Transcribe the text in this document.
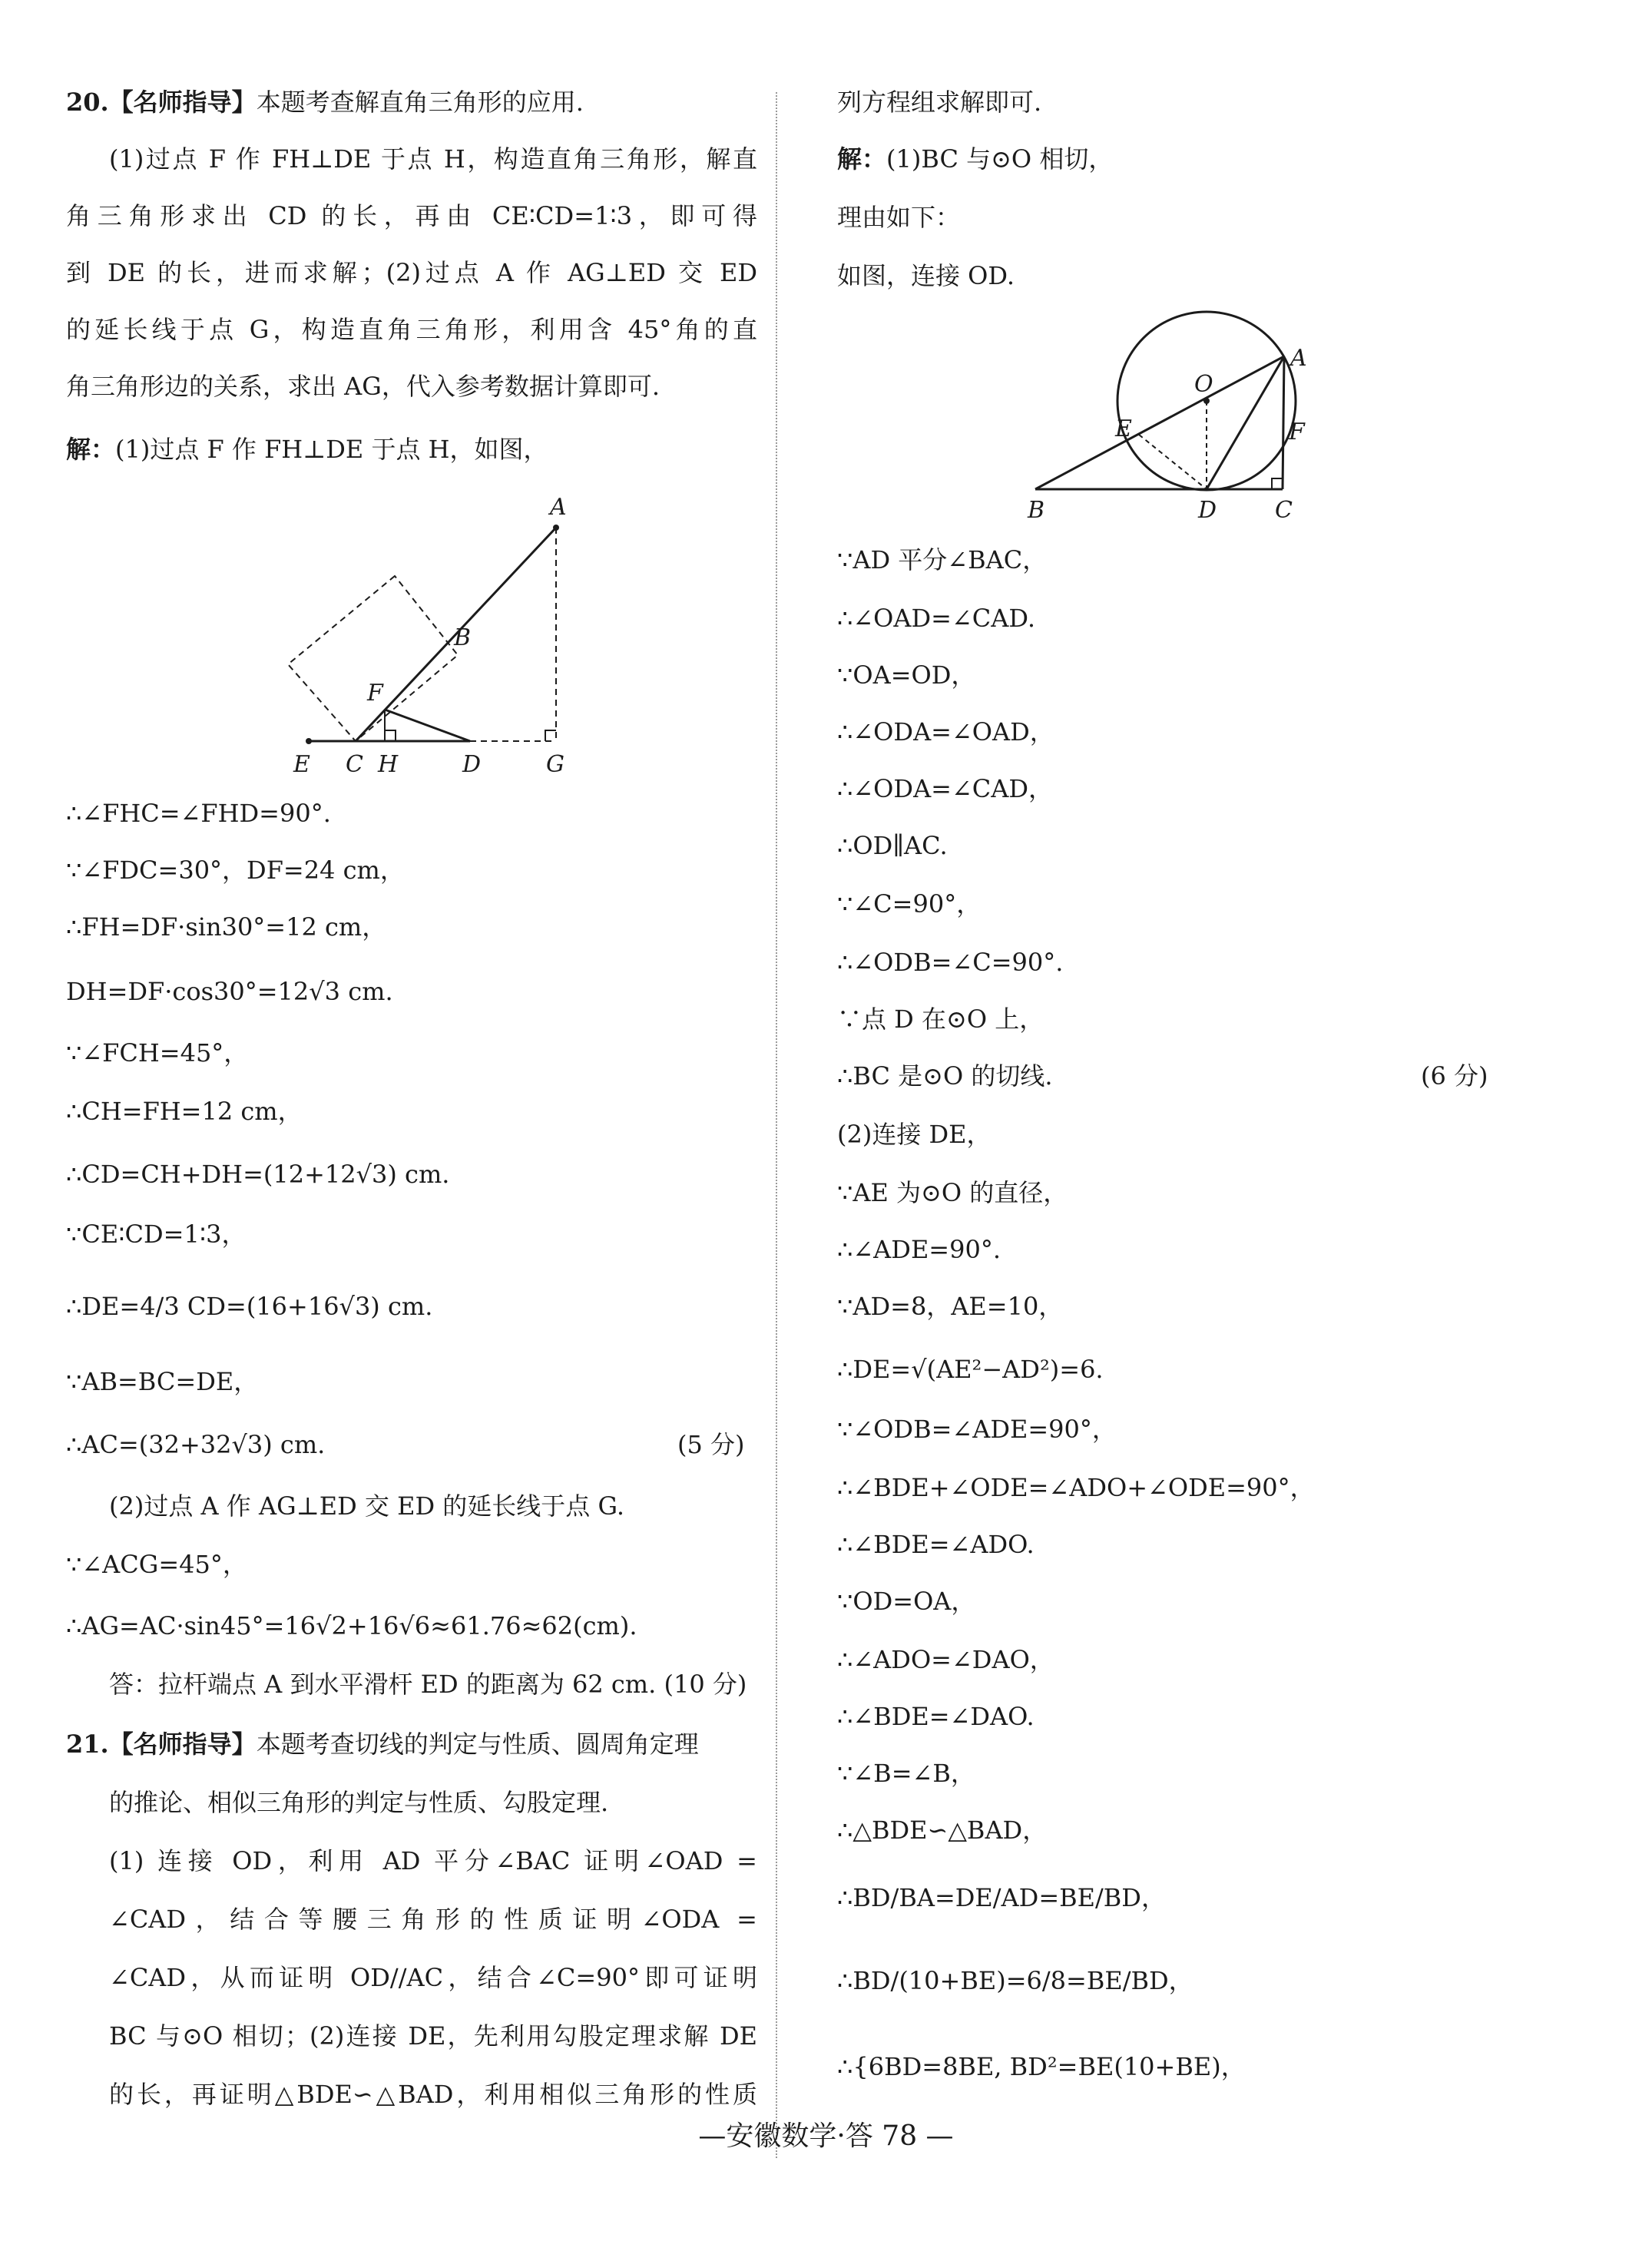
20.【名师指导】本题考查解直角三角形的应用.
(1)过点 F 作 FH⊥DE 于点 H，构造直角三角形，解直
角三角形求出 CD 的长，再由 CE∶CD=1∶3，即可得
到 DE 的长，进而求解；(2)过点 A 作 AG⊥ED 交 ED
的延长线于点 G，构造直角三角形，利用含 45°角的直
角三角形边的关系，求出 AG，代入参考数据计算即可.
解：(1)过点 F 作 FH⊥DE 于点 H，如图，
A
B
F
E C H	D	G
∴∠FHC=∠FHD=90°.
∵∠FDC=30°，DF=24 cm，
∴FH=DF·sin30°=12 cm，
DH=DF·cos30°=12√3 cm.
∵∠FCH=45°，
∴CH=FH=12 cm，
∴CD=CH+DH=(12+12√3) cm.
∵CE∶CD=1∶3，
∴DE=4/3 CD=(16+16√3) cm.
∵AB=BC=DE，
∴AC=(32+32√3) cm.	(5 分)
(2)过点 A 作 AG⊥ED 交 ED 的延长线于点 G.
∵∠ACG=45°，
∴AG=AC·sin45°=16√2+16√6≈61.76≈62(cm).
答：拉杆端点 A 到水平滑杆 ED 的距离为 62 cm. (10 分)
21.【名师指导】本题考查切线的判定与性质、圆周角定理
的推论、相似三角形的判定与性质、勾股定理.
(1) 连接 OD，利用 AD 平分∠BAC 证明∠OAD =
∠CAD，结合等腰三角形的性质证明∠ODA =
∠CAD，从而证明 OD//AC，结合∠C=90°即可证明
BC 与⊙O 相切；(2)连接 DE，先利用勾股定理求解 DE
的长，再证明△BDE∽△BAD，利用相似三角形的性质
列方程组求解即可.
解：(1)BC 与⊙O 相切，
理由如下：
如图，连接 OD.
O
A
E	F
B	D	C
∵AD 平分∠BAC，
∴∠OAD=∠CAD.
∵OA=OD，
∴∠ODA=∠OAD，
∴∠ODA=∠CAD，
∴OD∥AC.
∵∠C=90°，
∴∠ODB=∠C=90°.
∵点 D 在⊙O 上，
∴BC 是⊙O 的切线.	(6 分)
(2)连接 DE，
∵AE 为⊙O 的直径，
∴∠ADE=90°.
∵AD=8，AE=10，
∴DE=√(AE²−AD²)=6.
∵∠ODB=∠ADE=90°，
∴∠BDE+∠ODE=∠ADO+∠ODE=90°，
∴∠BDE=∠ADO.
∵OD=OA，
∴∠ADO=∠DAO，
∴∠BDE=∠DAO.
∵∠B=∠B，
∴△BDE∽△BAD，
∴BD/BA=DE/AD=BE/BD，
∴BD/(10+BE)=6/8=BE/BD，
∴{6BD=8BE, BD²=BE(10+BE)，
—安徽数学·答 78 —
